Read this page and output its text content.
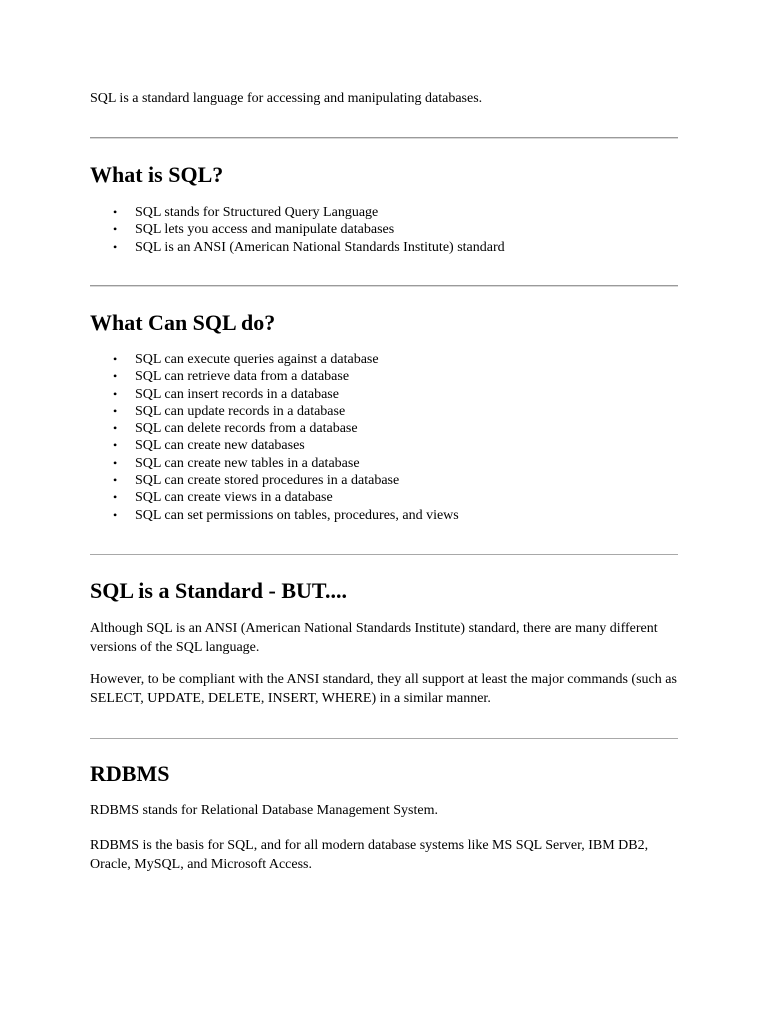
SQL is a standard language for accessing and manipulating databases.

What is SQL?
• SQL stands for Structured Query Language
• SQL lets you access and manipulate databases
• SQL is an ANSI (American National Standards Institute) standard
What Can SQL do?
• SQL can execute queries against a database
• SQL can retrieve data from a database
• SQL can insert records in a database
• SQL can update records in a database
• SQL can delete records from a database
• SQL can create new databases
• SQL can create new tables in a database
• SQL can create stored procedures in a database
• SQL can create views in a database
• SQL can set permissions on tables, procedures, and views
SQL is a Standard - BUT....

Although SQL is an ANSI (American National Standards Institute) standard, there are many different versions of the SQL language.

However, to be compliant with the ANSI standard, they all support at least the major commands (such as SELECT, UPDATE, DELETE, INSERT, WHERE) in a similar manner.

RDBMS

RDBMS stands for Relational Database Management System.

RDBMS is the basis for SQL, and for all modern database systems like MS SQL Server, IBM DB2, Oracle, MySQL, and Microsoft Access.
